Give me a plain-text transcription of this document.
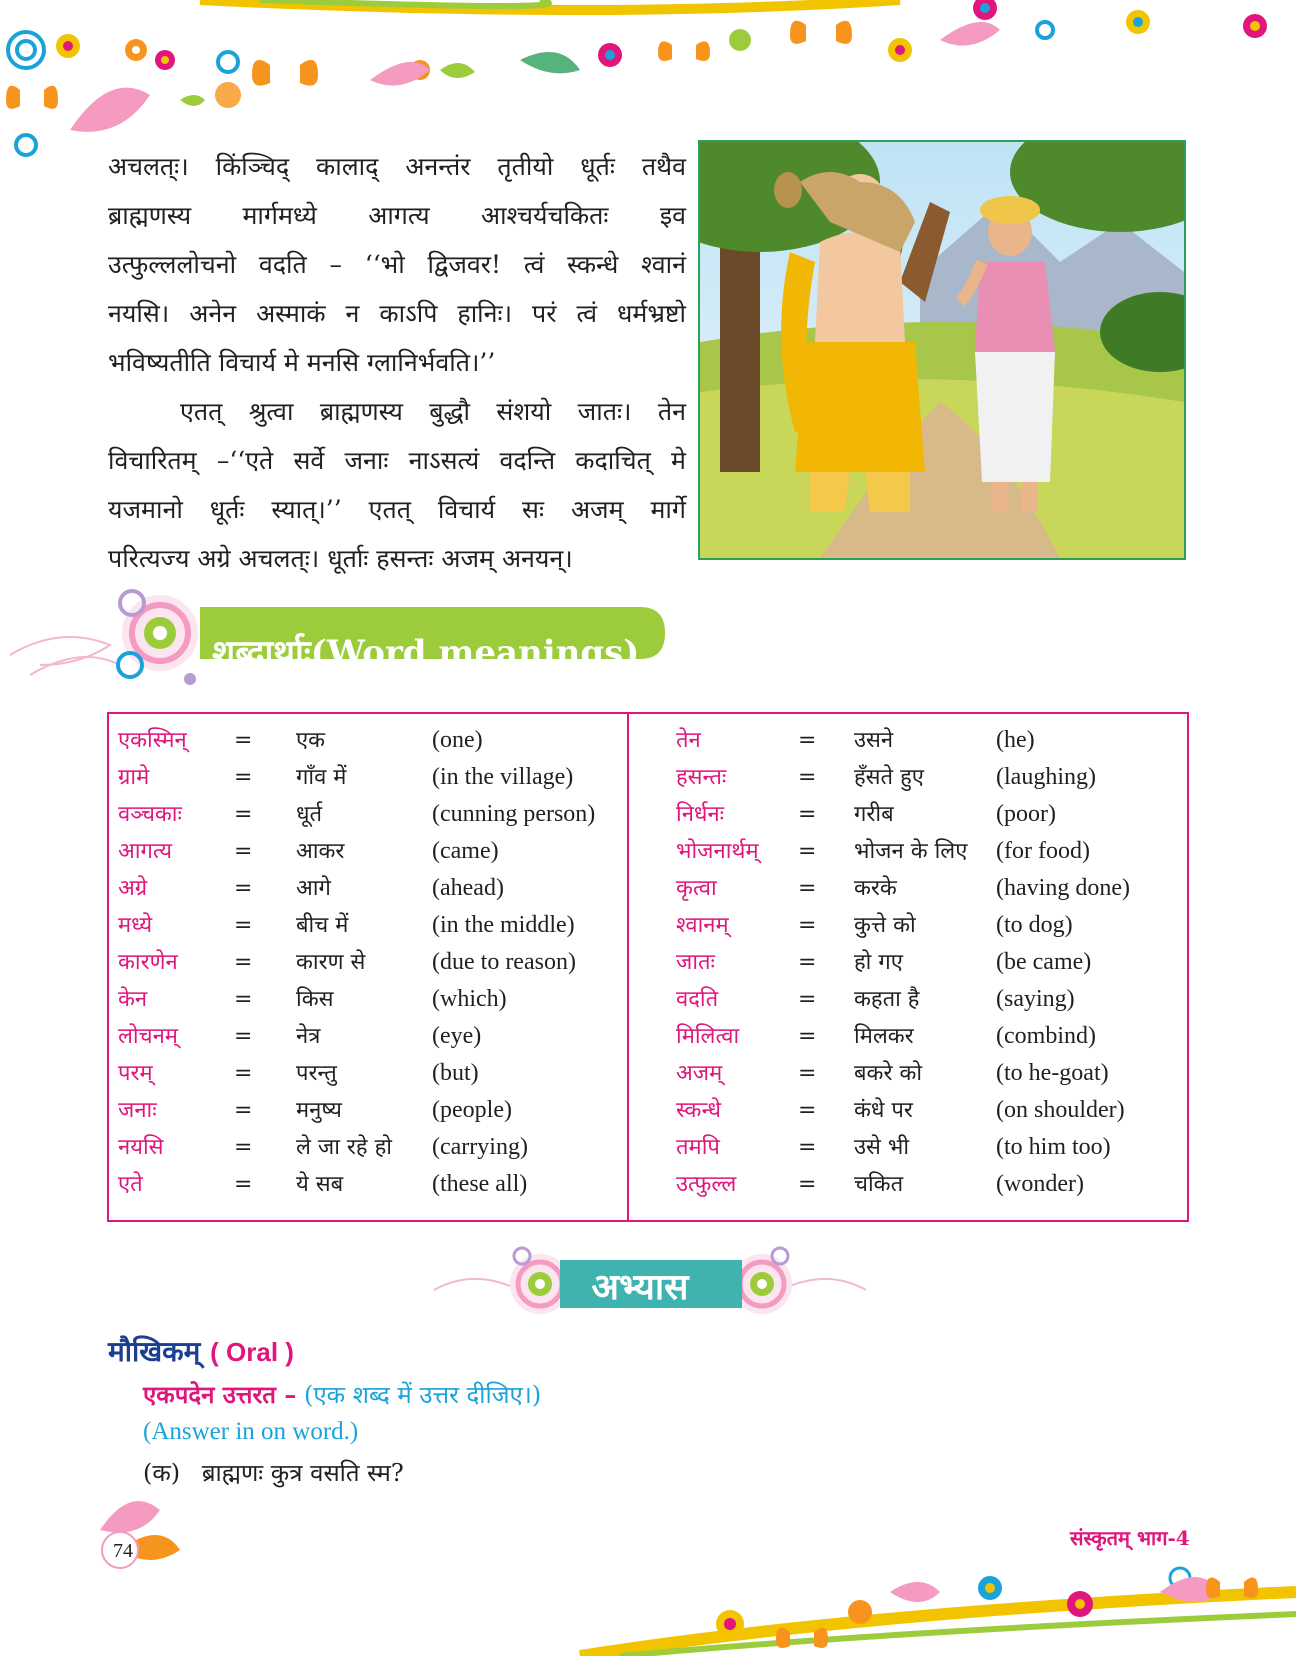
अचलत्ः। किंञ्चिद् कालाद् अनन्तंर तृतीयो धूर्तः तथैव

ब्राह्मणस्य मार्गमध्ये आगत्य आश्चर्यचकितः इव

उत्फुल्ललोचनो वदति – ‘‘भो द्विजवर! त्वं स्कन्धे श्वानं

नयसि। अनेन अस्माकं न काऽपि हानिः। परं त्वं धर्मभ्रष्टो

भविष्यतीति विचार्य मे मनसि ग्लानिर्भवति।’’

एतत् श्रुत्वा ब्राह्मणस्य बुद्धौ संशयो जातः। तेन

विचारितम् –‘‘एते सर्वे जनाः नाऽसत्यं वदन्ति कदाचित् मे

यजमानो धूर्तः स्यात्।’’ एतत् विचार्य सः अजम् मार्गे

परित्यज्य अग्रे अचलत्ः। धूर्ताः हसन्तः अजम् अनयन्।

शब्दार्थाः(Word meanings)
एकस्मिन् = एक	(one)
ग्रामे	= गाँव में	(in the village)
वञ्चकाः = धूर्त	(cunning person)
आगत्य	= आकर	(came)
अग्रे	= आगे	(ahead)
मध्ये	= बीच में	(in the middle)
कारणेन	= कारण से	(due to reason)
केन	= किस	(which)
लोचनम्	= नेत्र	(eye)
परम्	= परन्तु	(but)
जनाः	= मनुष्य	(people)
नयसि	= ले जा रहे हो (carrying)
एते	= ये सब	(these all)
तेन	= उसने	(he)
हसन्तः	= हँसते हुए	(laughing)
निर्धनः	= गरीब	(poor)
भोजनार्थम् = भोजन के लिए (for food)
कृत्वा	= करके	(having done)
श्वानम्	= कुत्ते को	(to dog)
जातः	= हो गए	(be came)
वदति	= कहता है	(saying)
मिलित्वा	= मिलकर	(combind)
अजम्	= बकरे को	(to he-goat)
स्कन्धे	= कंधे पर	(on shoulder)
तमपि	= उसे भी	(to him too)
उत्फुल्ल	= चकित	(wonder)
अभ्यास
मौखिकम् ( Oral )
एकपदेन उत्तरत – (एक शब्द में उत्तर दीजिए।)
(Answer in on word.)
(क) ब्राह्मणः कुत्र वसति स्म?
74
संस्कृतम् भाग-4
